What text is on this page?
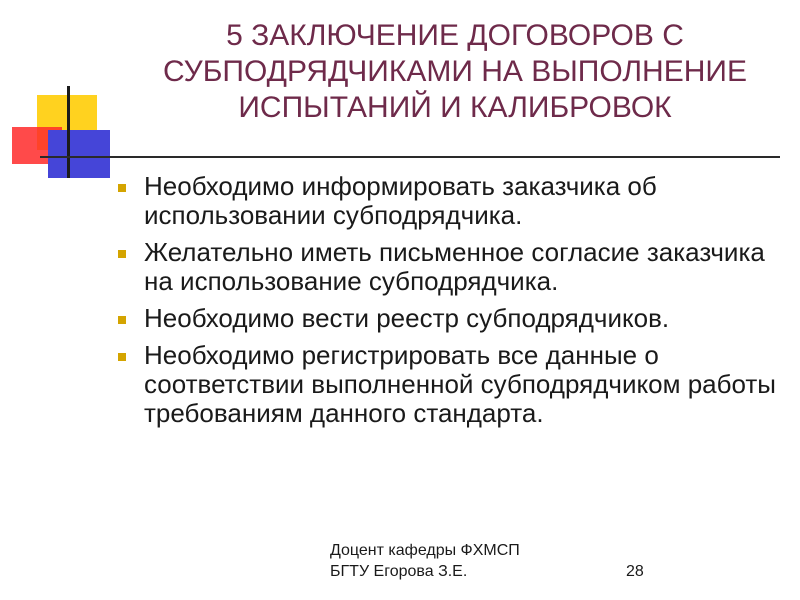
5 ЗАКЛЮЧЕНИЕ ДОГОВОРОВ С
СУБПОДРЯДЧИКАМИ НА ВЫПОЛНЕНИЕ
ИСПЫТАНИЙ И КАЛИБРОВОК
Необходимо информировать заказчика об использовании субподрядчика.
Желательно иметь письменное согласие заказчика на использование субподрядчика.
Необходимо вести реестр субподрядчиков.
Необходимо регистрировать все данные о соответствии выполненной субподрядчиком работы требованиям данного стандарта.
Доцент кафедры ФХМСП
БГТУ Егорова З.Е.	28
